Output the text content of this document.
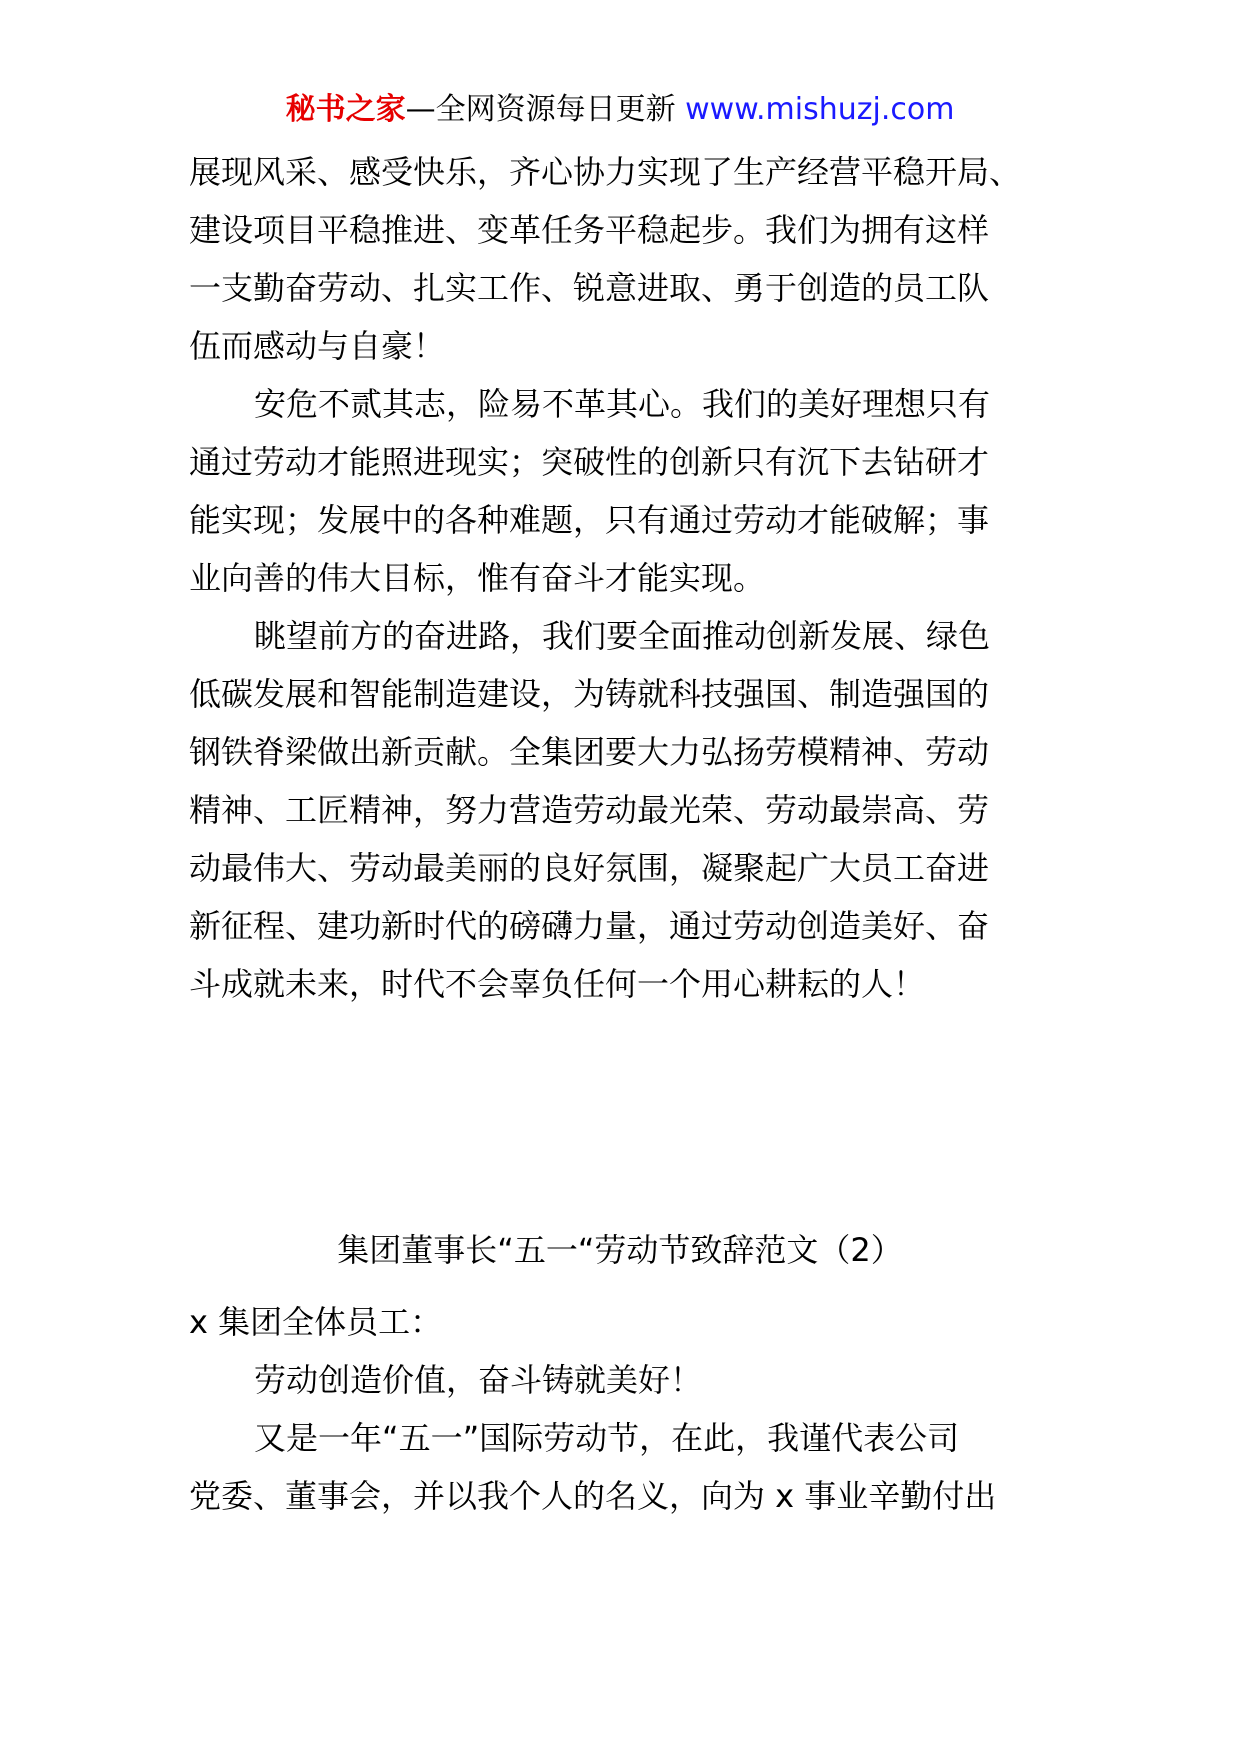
秘书之家—全网资源每日更新 www.mishuzj.com
展现风采、感受快乐，齐心协力实现了生产经营平稳开局、
建设项目平稳推进、变革任务平稳起步。我们为拥有这样
一支勤奋劳动、扎实工作、锐意进取、勇于创造的员工队
伍而感动与自豪！
安危不贰其志，险易不革其心。我们的美好理想只有
通过劳动才能照进现实；突破性的创新只有沉下去钻研才
能实现；发展中的各种难题，只有通过劳动才能破解；事
业向善的伟大目标，惟有奋斗才能实现。
眺望前方的奋进路，我们要全面推动创新发展、绿色
低碳发展和智能制造建设，为铸就科技强国、制造强国的
钢铁脊梁做出新贡献。全集团要大力弘扬劳模精神、劳动
精神、工匠精神，努力营造劳动最光荣、劳动最崇高、劳
动最伟大、劳动最美丽的良好氛围，凝聚起广大员工奋进
新征程、建功新时代的磅礴力量，通过劳动创造美好、奋
斗成就未来，时代不会辜负任何一个用心耕耘的人！
集团董事长“五一“劳动节致辞范文（2）
x 集团全体员工：
劳动创造价值，奋斗铸就美好！
又是一年“五一”国际劳动节，在此，我谨代表公司
党委、董事会，并以我个人的名义，向为 x 事业辛勤付出
